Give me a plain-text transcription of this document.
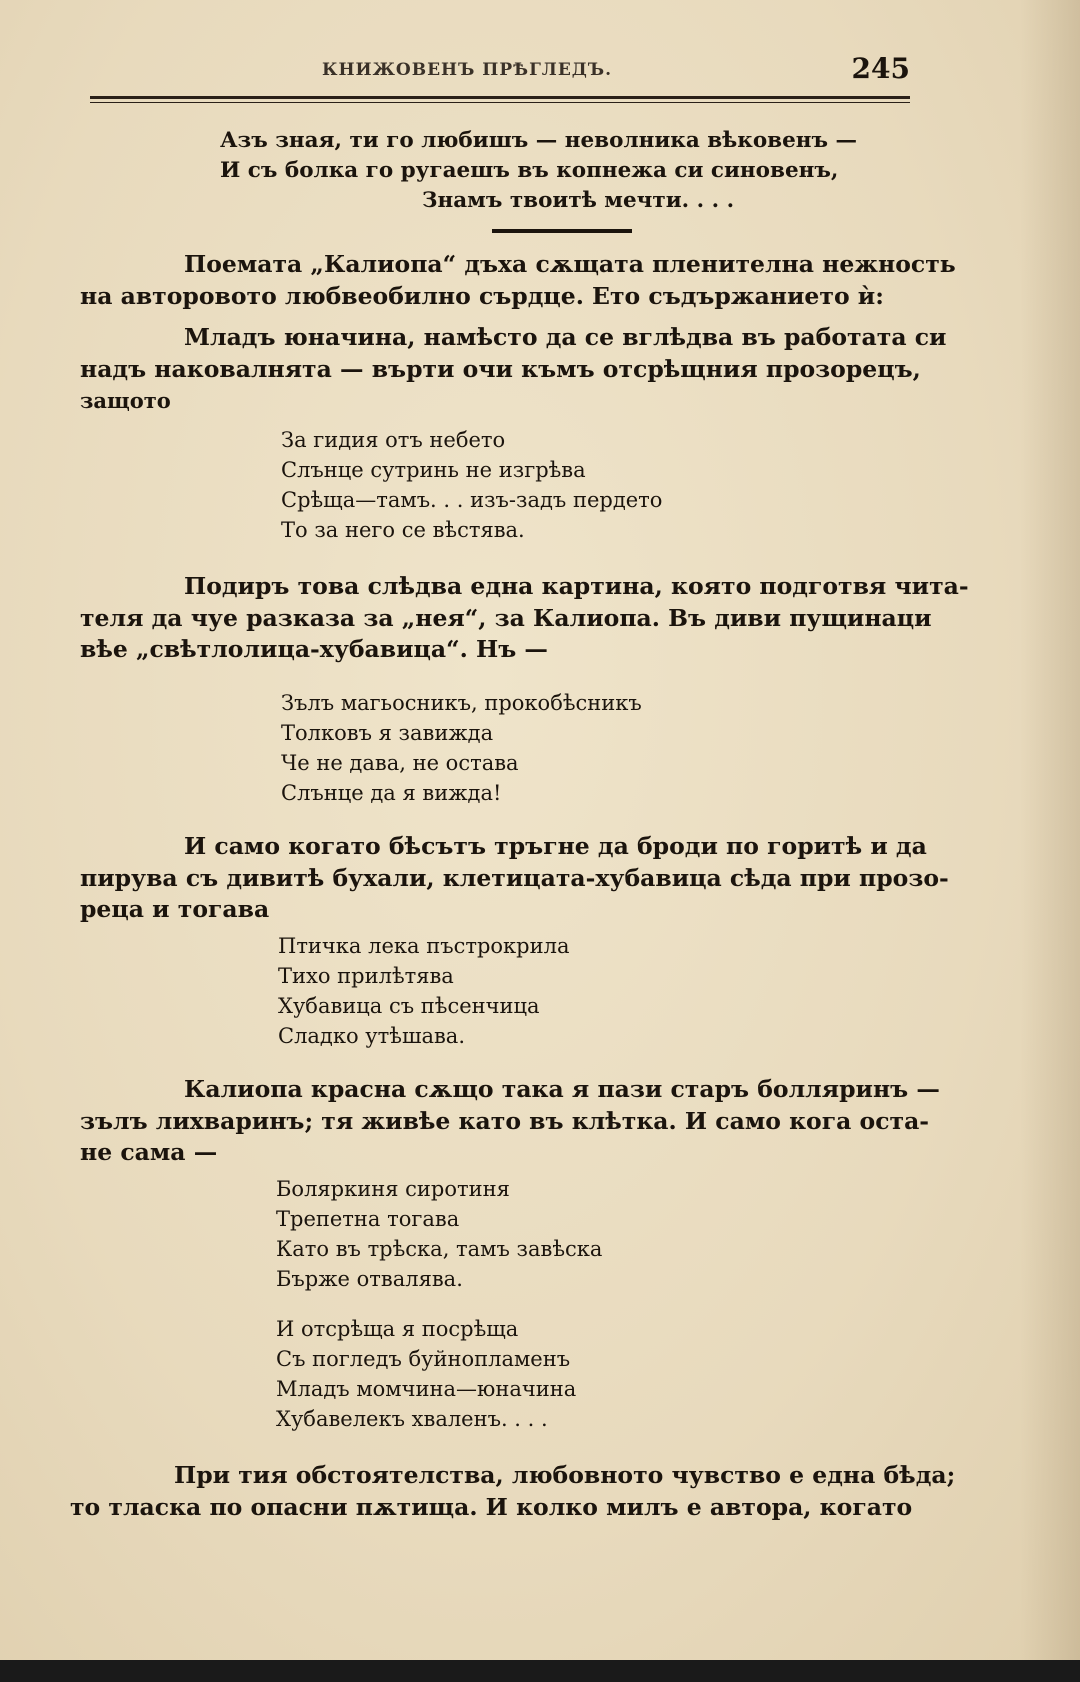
КНИЖОВЕНЪ ПРѢГЛЕДЪ.	245
Азъ зная, ти го любишъ — неволника вѣковенъ —
И съ болка го ругаешъ въ копнежа си синовенъ,
Знамъ твоитѣ мечти. . . .
Поемата „Калиопа“ дъха сѫщата пленителна нежность
на авторовото любвеобилно сърдце. Ето съдържанието ѝ:
Младъ юначина, намѣсто да се вглѣдва въ работата си
надъ наковалнята — върти очи къмъ отсрѣщния прозорецъ,
защото
За гидия отъ небето
Слънце сутринь не изгрѣва
Срѣща—тамъ. . . изъ-задъ пердето
То за него се вѣстява.
Подиръ това слѣдва една картина, която подготвя чита-
теля да чуе разказа за „нея“, за Калиопа. Въ диви пущинаци
вѣе „свѣтлолица-хубавица“. Нъ —
Зълъ магьосникъ, прокобѣсникъ
Толковъ я завижда
Че не дава, не остава
Слънце да я вижда!
И само когато бѣсътъ тръгне да броди по горитѣ и да
пирува съ дивитѣ бухали, клетицата-хубавица сѣда при прозо-
реца и тогава
Птичка лека пъстрокрила
Тихо прилѣтява
Хубавица съ пѣсенчица
Сладко утѣшава.
Калиопа красна сѫщо така я пази старъ болляринъ —
зълъ лихваринъ; тя живѣе като въ клѣтка. И само кога оста-
не сама —
Боляркиня сиротиня
Трепетна тогава
Като въ трѣска, тамъ завѣска
Бърже отвалява.
И отсрѣща я посрѣща
Съ погледъ буйнопламенъ
Младъ момчина—юначина
Хубавелекъ хваленъ. . . .
При тия обстоятелства, любовното чувство е една бѣда;
то тласка по опасни пѫтища. И колко милъ е автора, когато
